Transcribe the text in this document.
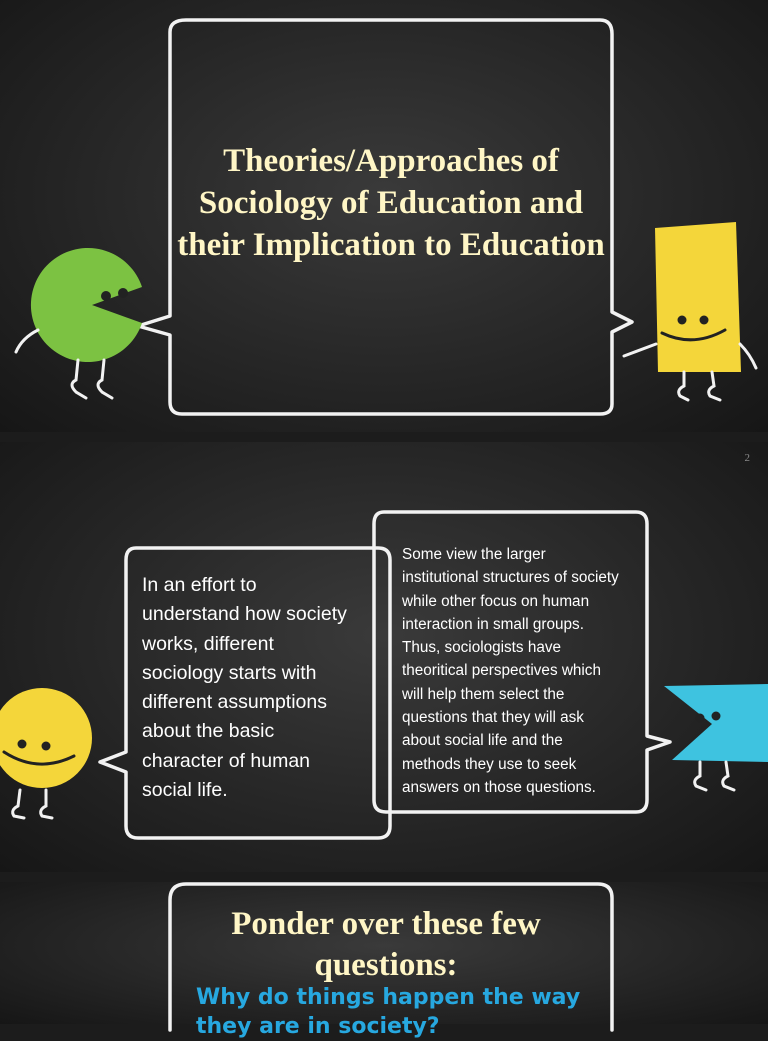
Theories/Approaches of Sociology of Education and their Implication to Education

2

In an effort to understand how society works, different sociology starts with different assumptions about the basic character of human social life.

Some view the larger institutional structures of society while other focus on human interaction in small groups. Thus, sociologists have theoritical perspectives which will help them select the questions that they will ask about social life and the methods they use to seek answers on those questions.

Ponder over these few questions:

Why do things happen the way they are in society?
